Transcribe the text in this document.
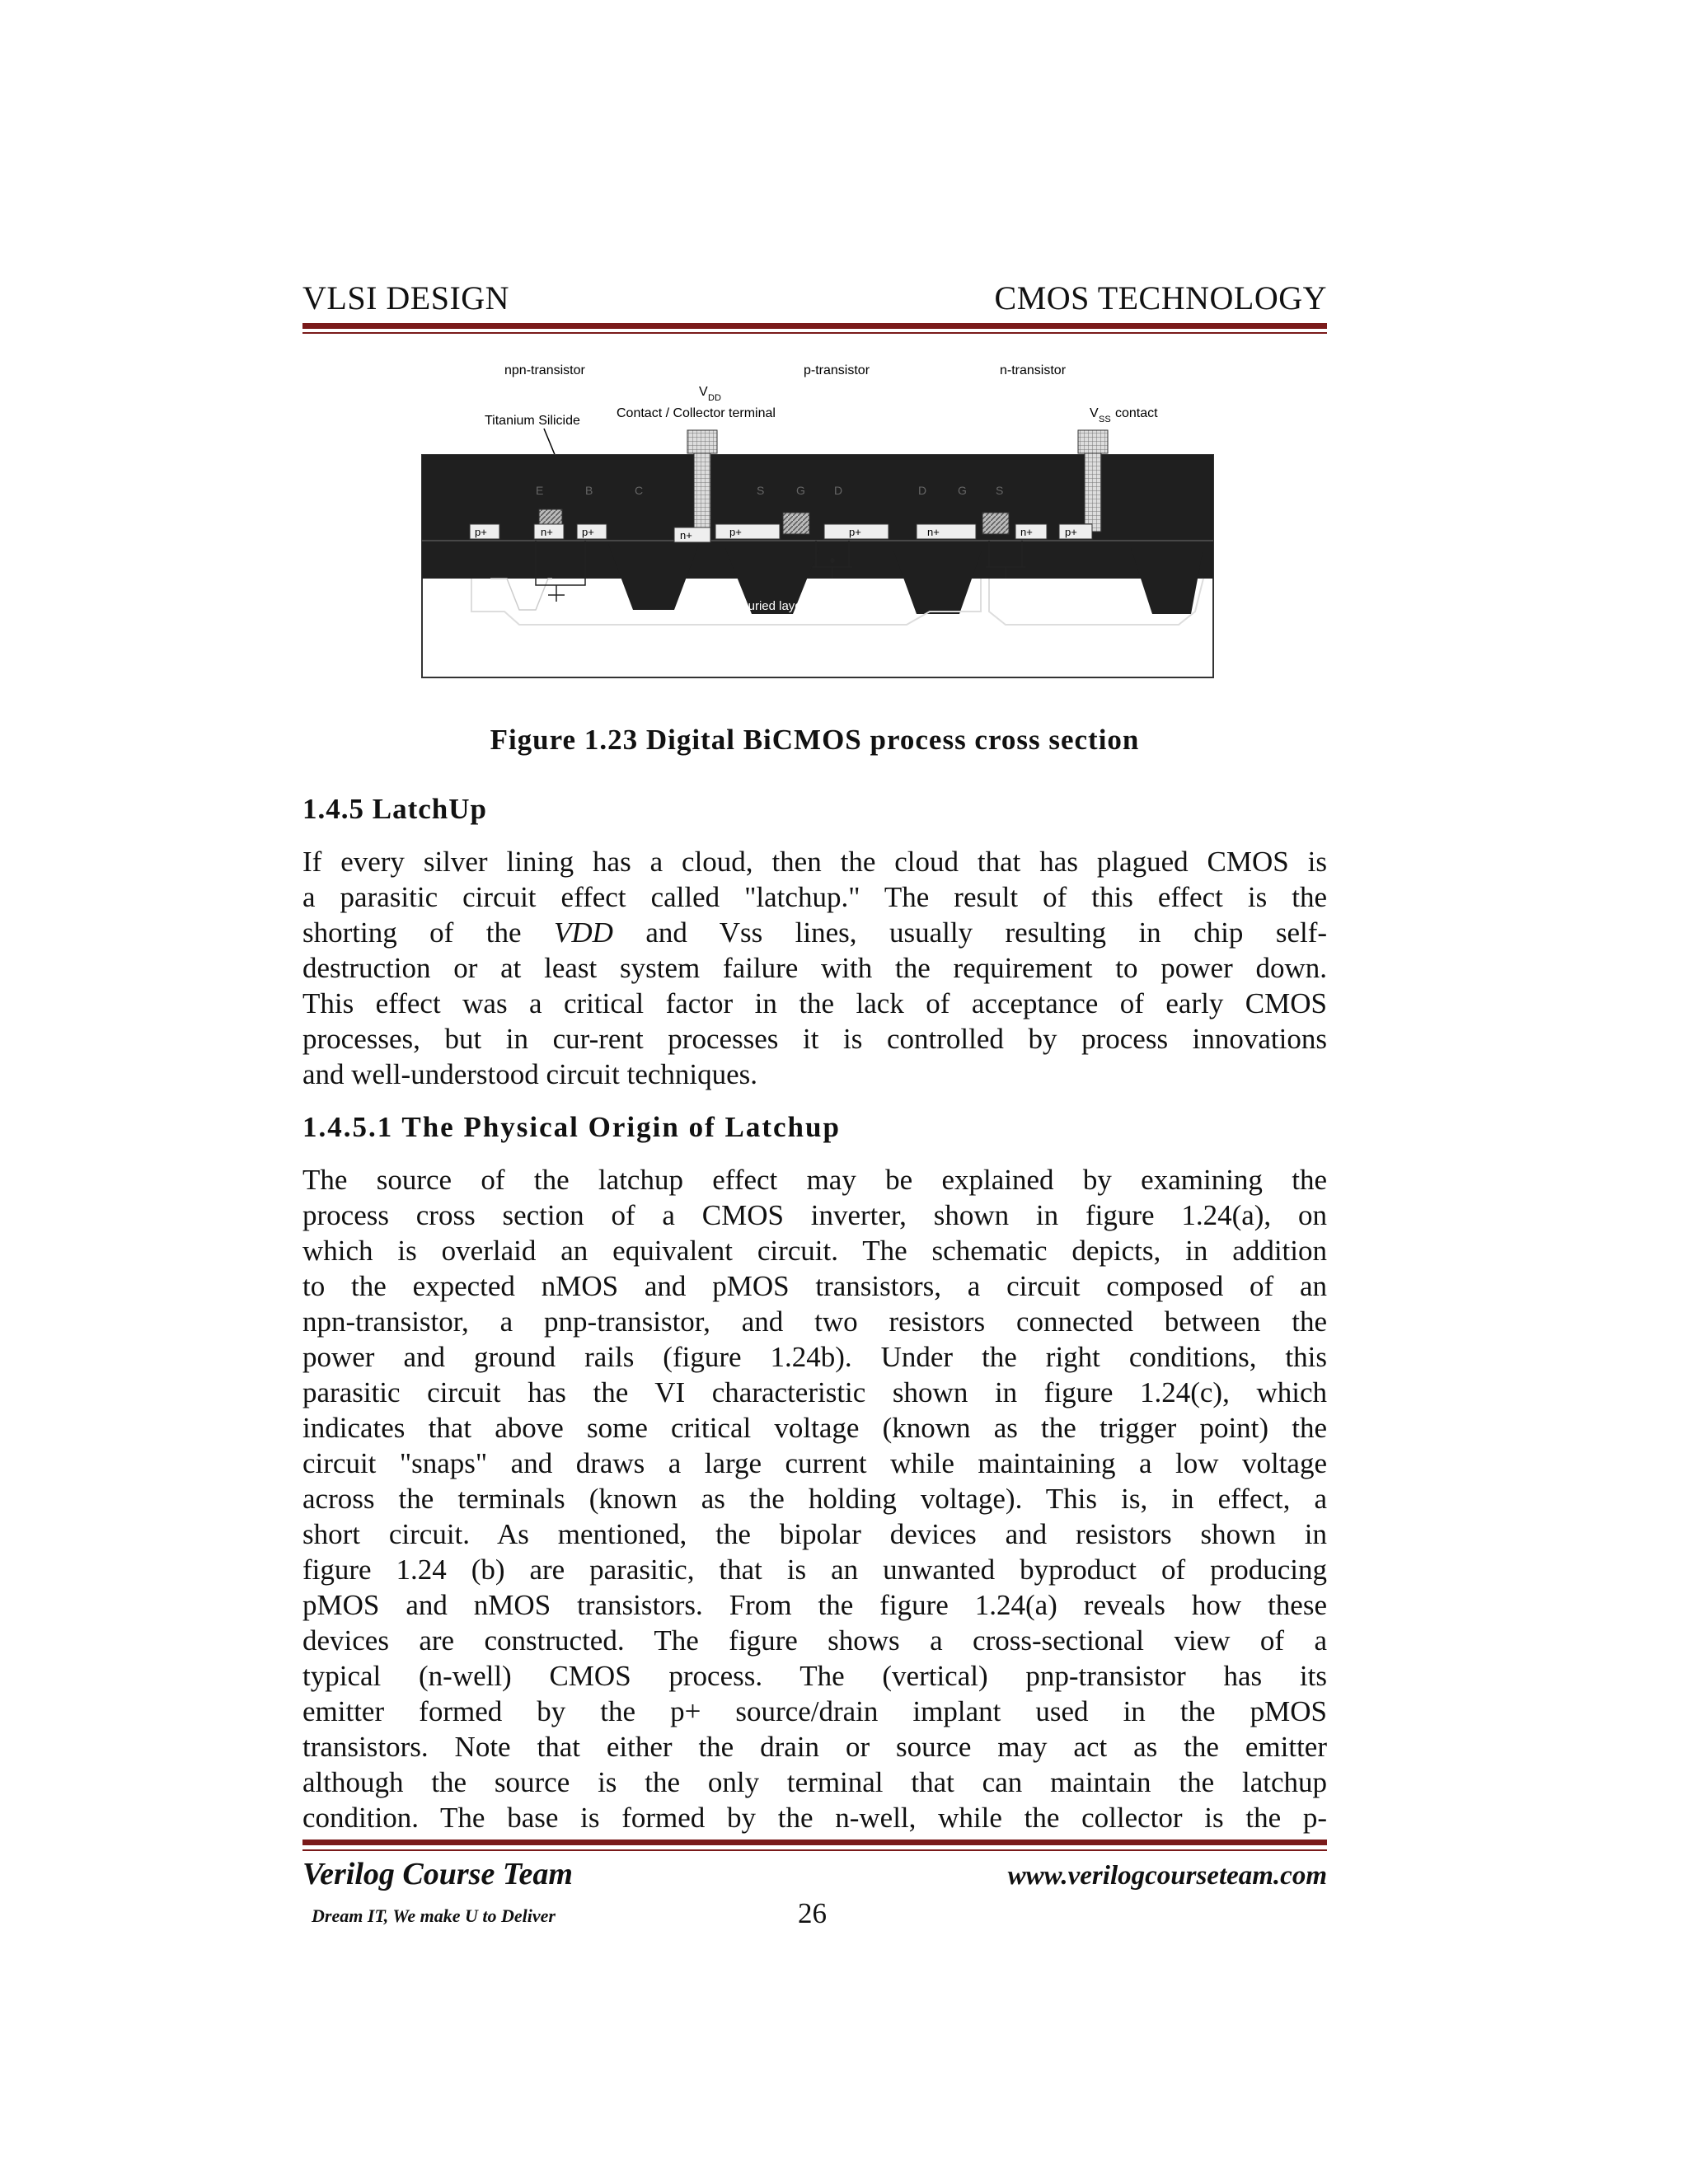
VLSI DESIGN	CMOS TECHNOLOGY
npn-transistor	p-transistor	n-transistor
V DD
Titanium Silicide
Contact / Collector terminal	V SS contact
n+ buried layer (n-well)	p+ buried layer
p+	n+	p+	n+	p+	p+	n+	n+	p+
E	B	C	S	G	D	D	G	S
Figure 1.23 Digital BiCMOS process cross section
1.4.5 LatchUp
If every silver lining has a cloud, then the cloud that has plagued CMOS is
a parasitic circuit effect called "latchup." The result of this effect is the
shorting of the VDD and Vss lines, usually resulting in chip self-
destruction or at least system failure with the requirement to power down.
This effect was a critical factor in the lack of acceptance of early CMOS
processes, but in cur-rent processes it is controlled by process innovations
and well-understood circuit techniques.
1.4.5.1 The Physical Origin of Latchup
The source of the latchup effect may be explained by examining the
process cross section of a CMOS inverter, shown in figure 1.24(a), on
which is overlaid an equivalent circuit. The schematic depicts, in addition
to the expected nMOS and pMOS transistors, a circuit composed of an
npn-transistor, a pnp-transistor, and two resistors connected between the
power and ground rails (figure 1.24b). Under the right conditions, this
parasitic circuit has the VI characteristic shown in figure 1.24(c), which
indicates that above some critical voltage (known as the trigger point) the
circuit "snaps" and draws a large current while maintaining a low voltage
across the terminals (known as the holding voltage). This is, in effect, a
short circuit. As mentioned, the bipolar devices and resistors shown in
figure 1.24 (b) are parasitic, that is an unwanted byproduct of producing
pMOS and nMOS transistors. From the figure 1.24(a) reveals how these
devices are constructed. The figure shows a cross-sectional view of a
typical (n-well) CMOS process. The (vertical) pnp-transistor has its
emitter formed by the p+ source/drain implant used in the pMOS
transistors. Note that either the drain or source may act as the emitter
although the source is the only terminal that can maintain the latchup
condition. The base is formed by the n-well, while the collector is the p-
Verilog Course Team	www.verilogcourseteam.com
Dream IT, We make U to Deliver	26
